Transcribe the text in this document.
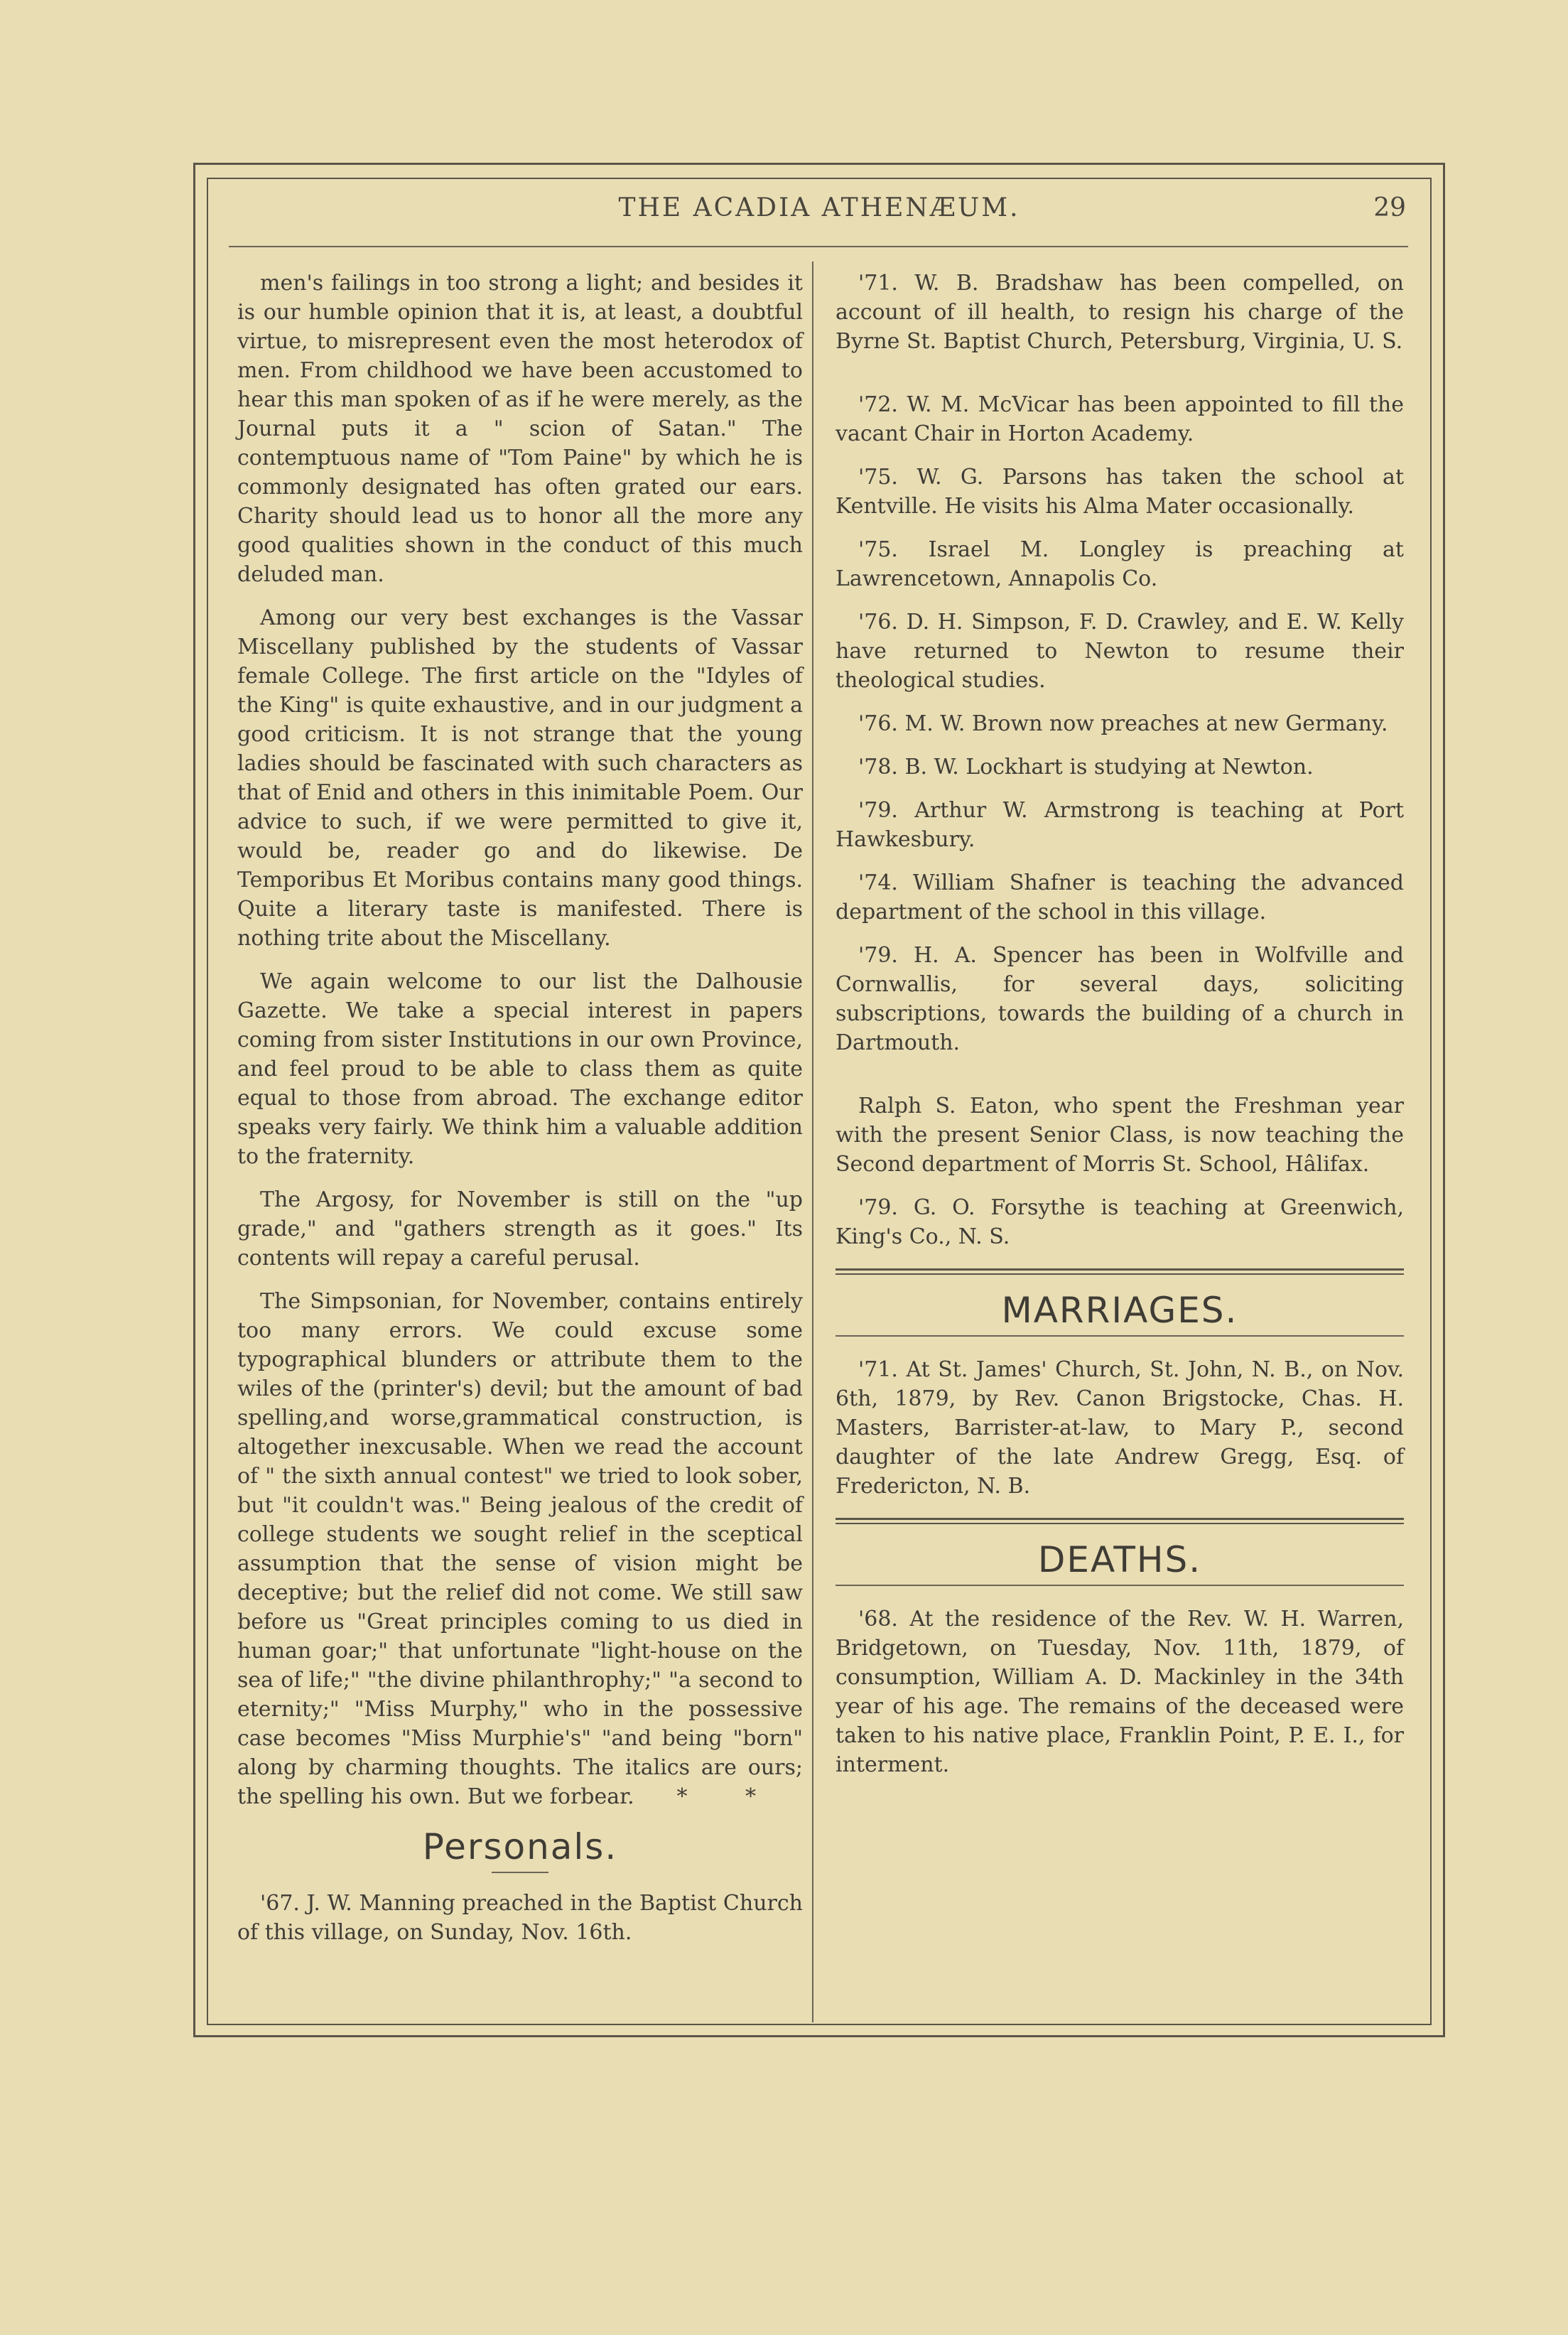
THE ACADIA ATHENÆUM.	29

men's failings in too strong a light; and besides it is our humble opinion that it is, at least, a doubtful virtue, to misrepresent even the most heterodox of men. From childhood we have been accustomed to hear this man spoken of as if he were merely, as the Journal puts it a " scion of Satan." The contemptuous name of "Tom Paine" by which he is commonly designated has often grated our ears. Charity should lead us to honor all the more any good qualities shown in the conduct of this much deluded man.

Among our very best exchanges is the Vassar Miscellany published by the students of Vassar female College. The first article on the "Idyles of the King" is quite exhaustive, and in our judgment a good criticism. It is not strange that the young ladies should be fascinated with such characters as that of Enid and others in this inimitable Poem. Our advice to such, if we were permitted to give it, would be, reader go and do likewise. De Temporibus Et Moribus contains many good things. Quite a literary taste is manifested. There is nothing trite about the Miscellany.

We again welcome to our list the Dalhousie Gazette. We take a special interest in papers coming from sister Institutions in our own Province, and feel proud to be able to class them as quite equal to those from abroad. The exchange editor speaks very fairly. We think him a valuable addition to the fraternity.

The Argosy, for November is still on the "up grade," and "gathers strength as it goes." Its contents will repay a careful perusal.

The Simpsonian, for November, contains entirely too many errors. We could excuse some typographical blunders or attribute them to the wiles of the (printer's) devil; but the amount of bad spelling,and worse,grammatical construction, is altogether inexcusable. When we read the account of " the sixth annual contest" we tried to look sober, but "it couldn't was." Being jealous of the credit of college students we sought relief in the sceptical assumption that the sense of vision might be deceptive; but the relief did not come. We still saw before us "Great principles coming to us died in human goar;" that unfortunate "light-house on the sea of life;" "the divine philanthrophy;" "a second to eternity;" "Miss Murphy," who in the possessive case becomes "Miss Murphie's" "and being "born" along by charming thoughts. The italics are ours; the spelling his own. But we forbear.	* *
Personals.

'67. J. W. Manning preached in the Baptist Church of this village, on Sunday, Nov. 16th.

'71. W. B. Bradshaw has been compelled, on account of ill health, to resign his charge of the Byrne St. Baptist Church, Petersburg, Virginia, U. S.

'72. W. M. McVicar has been appointed to fill the vacant Chair in Horton Academy.

'75. W. G. Parsons has taken the school at Kentville. He visits his Alma Mater occasionally.

'75. Israel M. Longley is preaching at Lawrencetown, Annapolis Co.

'76. D. H. Simpson, F. D. Crawley, and E. W. Kelly have returned to Newton to resume their theological studies.

'76. M. W. Brown now preaches at new Germany.

'78. B. W. Lockhart is studying at Newton.

'79. Arthur W. Armstrong is teaching at Port Hawkesbury.

'74. William Shafner is teaching the advanced department of the school in this village.

'79. H. A. Spencer has been in Wolfville and Cornwallis, for several days, soliciting subscriptions, towards the building of a church in Dartmouth.

Ralph S. Eaton, who spent the Freshman year with the present Senior Class, is now teaching the Second department of Morris St. School, Hâlifax.

'79. G. O. Forsythe is teaching at Greenwich, King's Co., N. S.

MARRIAGES.

'71. At St. James' Church, St. John, N. B., on Nov. 6th, 1879, by Rev. Canon Brigstocke, Chas. H. Masters, Barrister-at-law, to Mary P., second daughter of the late Andrew Gregg, Esq. of Fredericton, N. B.

DEATHS.

'68. At the residence of the Rev. W. H. Warren, Bridgetown, on Tuesday, Nov. 11th, 1879, of consumption, William A. D. Mackinley in the 34th year of his age. The remains of the deceased were taken to his native place, Franklin Point, P. E. I., for interment.
